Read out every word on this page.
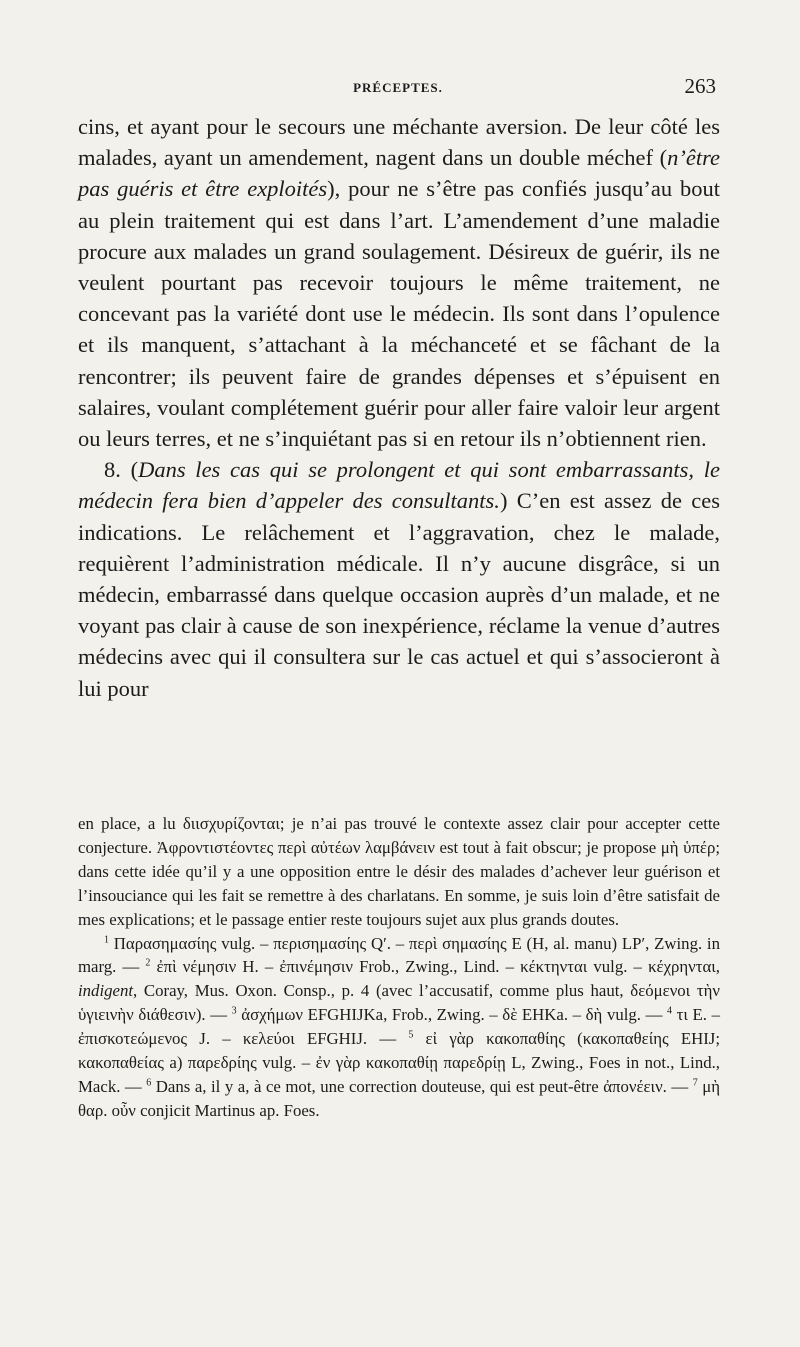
PRÉCEPTES.	263

cins, et ayant pour le secours une méchante aversion. De leur côté les malades, ayant un amendement, nagent dans un double méchef (n’être pas guéris et être exploités), pour ne s’être pas confiés jusqu’au bout au plein traitement qui est dans l’art. L’amendement d’une maladie procure aux malades un grand soulagement. Désireux de guérir, ils ne veulent pourtant pas recevoir toujours le même traitement, ne concevant pas la variété dont use le médecin. Ils sont dans l’opulence et ils manquent, s’attachant à la méchanceté et se fâchant de la rencontrer; ils peuvent faire de grandes dépenses et s’épuisent en salaires, voulant complétement guérir pour aller faire valoir leur argent ou leurs terres, et ne s’inquiétant pas si en retour ils n’obtiennent rien.

8. (Dans les cas qui se prolongent et qui sont embarrassants, le médecin fera bien d’appeler des consultants.) C’en est assez de ces indications. Le relâchement et l’aggravation, chez le malade, requièrent l’administration médicale. Il n’y aucune disgrâce, si un médecin, embarrassé dans quelque occasion auprès d’un malade, et ne voyant pas clair à cause de son inexpérience, réclame la venue d’autres médecins avec qui il consultera sur le cas actuel et qui s’associeront à lui pour

en place, a lu διισχυρίζονται; je n’ai pas trouvé le contexte assez clair pour accepter cette conjecture. Ἀφροντιστέοντες περὶ αὐτέων λαμβάνειν est tout à fait obscur; je propose μὴ ὑπέρ; dans cette idée qu’il y a une opposition entre le désir des malades d’achever leur guérison et l’insouciance qui les fait se remettre à des charlatans. En somme, je suis loin d’être satisfait de mes explications; et le passage entier reste toujours sujet aux plus grands doutes.

$^1$ Παρασημασίης vulg. – περισημασίης Q′. – περὶ σημασίης E (H, al. manu) LP′, Zwing. in marg. — $^2$ ἐπὶ νέμησιν H. – ἐπινέμησιν Frob., Zwing., Lind. – κέκτηνται vulg. – κέχρηνται, indigent, Coray, Mus. Oxon. Consp., p. 4 (avec l’accusatif, comme plus haut, δεόμενοι τὴν ὑγιεινὴν διάθεσιν). — $^3$ ἀσχήμων EFGHIJKa, Frob., Zwing. – δὲ EHKa. – δὴ vulg. — $^4$ τι E. – ἐπισκοτεώμενος J. – κελεύοι EFGHIJ. — $^5$ εἰ γὰρ κακοπαθίης (κακοπαθείης EHIJ; κακοπαθείας a) παρεδρίης vulg. – ἐν γὰρ κακοπαθίῃ παρεδρίῃ L, Zwing., Foes in not., Lind., Mack. — $^6$ Dans a, il y a, à ce mot, une correction douteuse, qui est peut-être ἀπονέειν. — $^7$ μὴ θαρ. οὖν conjicit Martinus ap. Foes.
